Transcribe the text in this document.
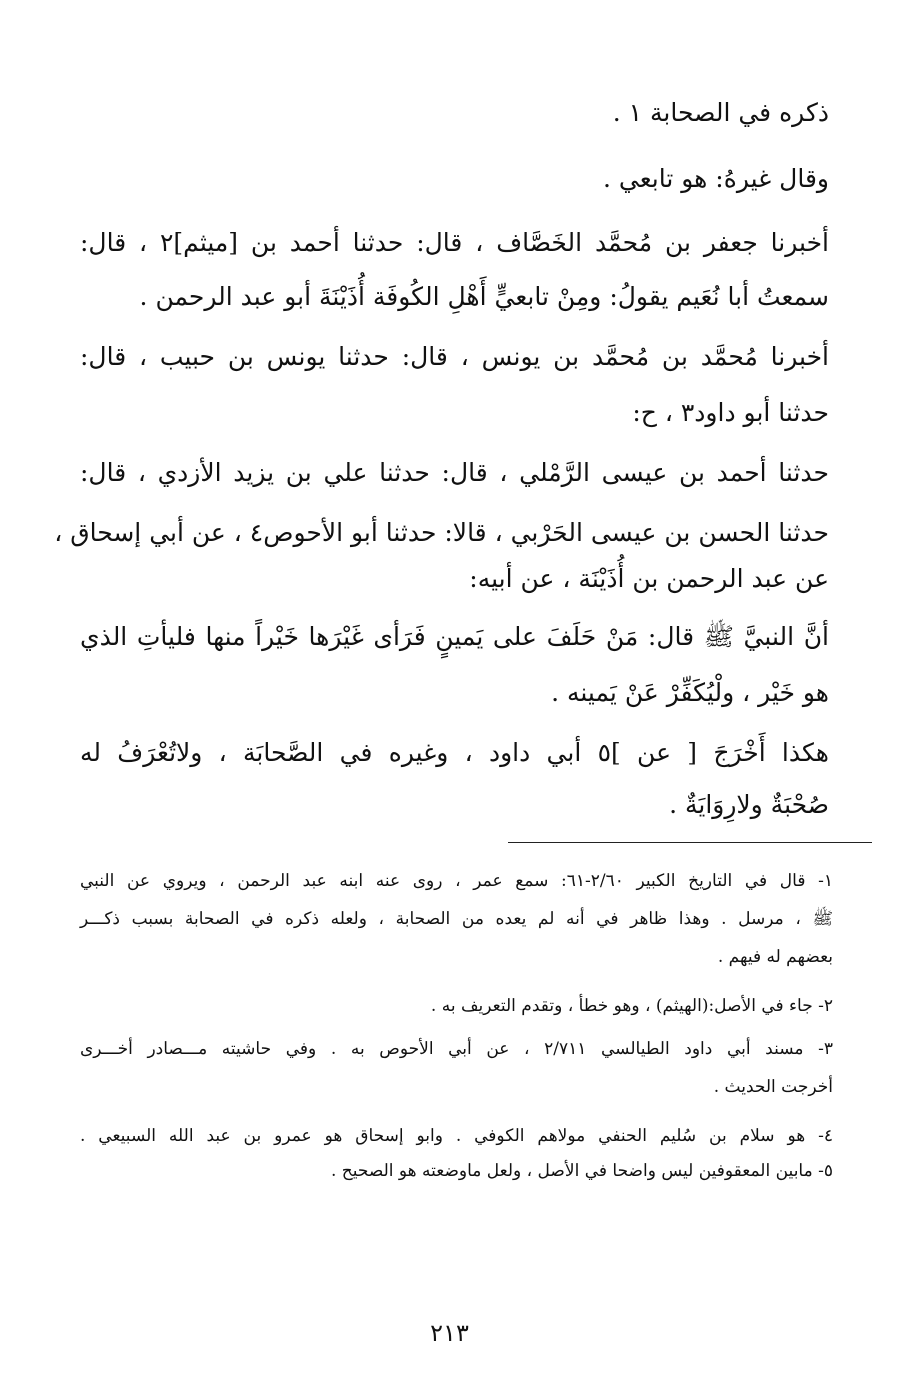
ذكره في الصحابة ١ .
وقال غيرهُ: هو تابعي .
أخبرنا جعفر بن مُحمَّد الخَصَّاف ، قال: حدثنا أحمد بن [ميثم]٢ ، قال:
سمعتُ أبا نُعَيم يقولُ: ومِنْ تابعيٍّ أَهْلِ الكُوفَة أُذَيْنَةَ أبو عبد الرحمن .
أخبرنا مُحمَّد بن مُحمَّد بن يونس ، قال: حدثنا يونس بن حبيب ، قال:
حدثنا أبو داود٣ ، ح:
حدثنا أحمد بن عيسى الرَّمْلي ، قال: حدثنا علي بن يزيد الأزدي ، قال:
حدثنا الحسن بن عيسى الحَرْبي ، قالا: حدثنا أبو الأحوص٤ ، عن أبي إسحاق ،
عن عبد الرحمن بن أُذَيْنَة ، عن أبيه:
أنَّ النبيَّ ﷺ قال: مَنْ حَلَفَ على يَمينٍ فَرَأى غَيْرَها خَيْراً منها فليأتِ الذي
هو خَيْر ، ولْيُكَفِّرْ عَنْ يَمينه .
هكذا أَخْرَجَ [ عن ]٥ أبي داود ، وغيره في الصَّحابَة ، ولاتُعْرَفُ له
صُحْبَةٌ ولارِوَايَةٌ .
١- قال في التاريخ الكبير ٢/٦٠-٦١: سمع عمر ، روى عنه ابنه عبد الرحمن ، ويروي عن النبي
ﷺ ، مرسل . وهذا ظاهر في أنه لم يعده من الصحابة ، ولعله ذكره في الصحابة بسبب ذكـــر
بعضهم له فيهم .
٢- جاء في الأصل:(الهيثم) ، وهو خطأ ، وتقدم التعريف به .
٣- مسند أبي داود الطيالسي ٢/٧١١ ، عن أبي الأحوص به . وفي حاشيته مـــصادر أخـــرى
أخرجت الحديث .
٤- هو سلام بن سُليم الحنفي مولاهم الكوفي . وابو إسحاق هو عمرو بن عبد الله السبيعي .
٥- مابين المعقوفين ليس واضحا في الأصل ، ولعل ماوضعته هو الصحيح .
٢١٣
